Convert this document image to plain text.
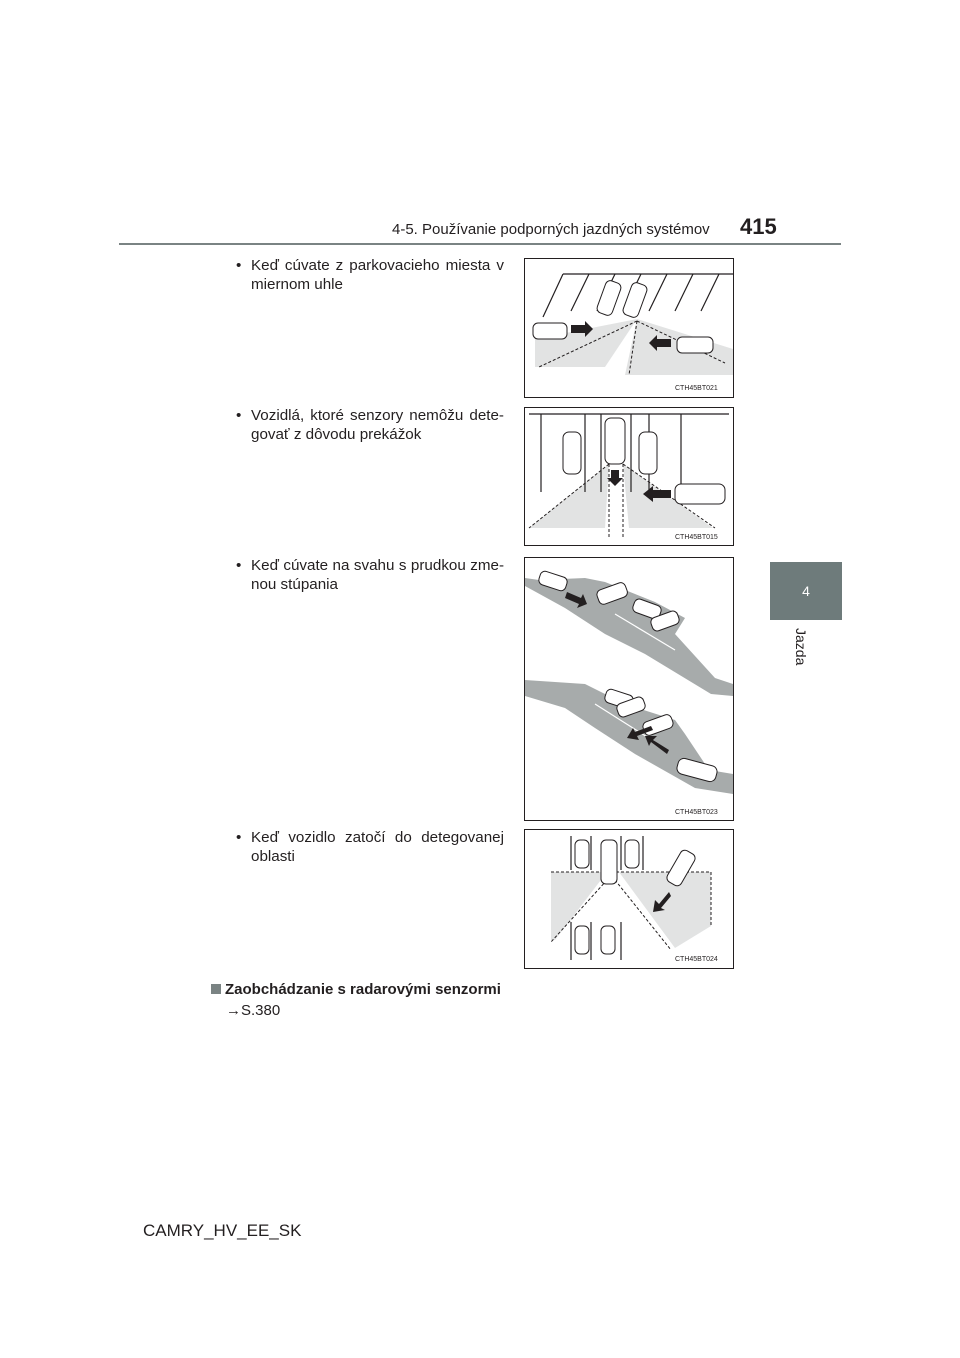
4-5. Používanie podporných jazdných systémov 415
4
Jazda
• Keď cúvate z parkovacieho miesta v miernom uhle
CTH45BT021
• Vozidlá, ktoré senzory nemôžu dete-govať z dôvodu prekážok
CTH45BT015
• Keď cúvate na svahu s prudkou zme-nou stúpania
CTH45BT023
• Keď vozidlo zatočí do detegovanej oblasti
CTH45BT024
Zaobchádzanie s radarovými senzormi
→S.380
CAMRY_HV_EE_SK
